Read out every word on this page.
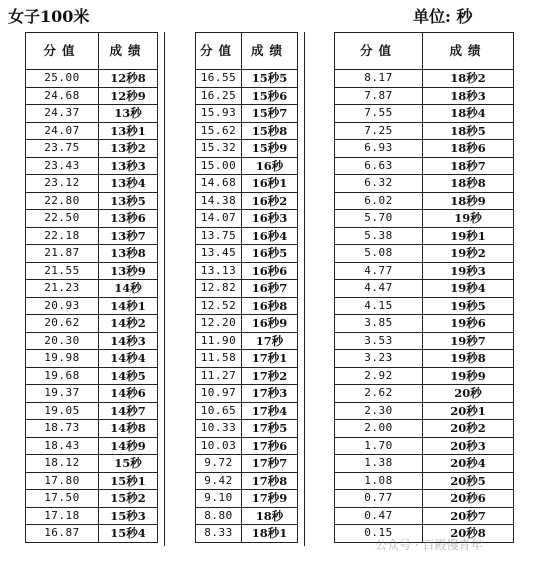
女子100米	单位: 秒
分值	成绩
25.00	12秒8
24.68	12秒9
24.37	13秒
24.07	13秒1
23.75	13秒2
23.43	13秒3
23.12	13秒4
22.80	13秒5
22.50	13秒6
22.18	13秒7
21.87	13秒8
21.55	13秒9
21.23	14秒
20.93	14秒1
20.62	14秒2
20.30	14秒3
19.98	14秒4
19.68	14秒5
19.37	14秒6
19.05	14秒7
18.73	14秒8
18.43	14秒9
18.12	15秒
17.80	15秒1
17.50	15秒2
17.18	15秒3
16.87	15秒4
分值	成绩
16.55	15秒5
16.25	15秒6
15.93	15秒7
15.62	15秒8
15.32	15秒9
15.00	16秒
14.68	16秒1
14.38	16秒2
14.07	16秒3
13.75	16秒4
13.45	16秒5
13.13	16秒6
12.82	16秒7
12.52	16秒8
12.20	16秒9
11.90	17秒
11.58	17秒1
11.27	17秒2
10.97	17秒3
10.65	17秒4
10.33	17秒5
10.03	17秒6
9.72	17秒7
9.42	17秒8
9.10	17秒9
8.80	18秒
8.33	18秒1
分值	成绩
8.17	18秒2
7.87	18秒3
7.55	18秒4
7.25	18秒5
6.93	18秒6
6.63	18秒7
6.32	18秒8
6.02	18秒9
5.70	19秒
5.38	19秒1
5.08	19秒2
4.77	19秒3
4.47	19秒4
4.15	19秒5
3.85	19秒6
3.53	19秒7
3.23	19秒8
2.92	19秒9
2.62	20秒
2.30	20秒1
2.00	20秒2
1.70	20秒3
1.38	20秒4
1.08	20秒5
0.77	20秒6
0.47	20秒7
0.15	20秒8
公众号 · 百殿慢青年
